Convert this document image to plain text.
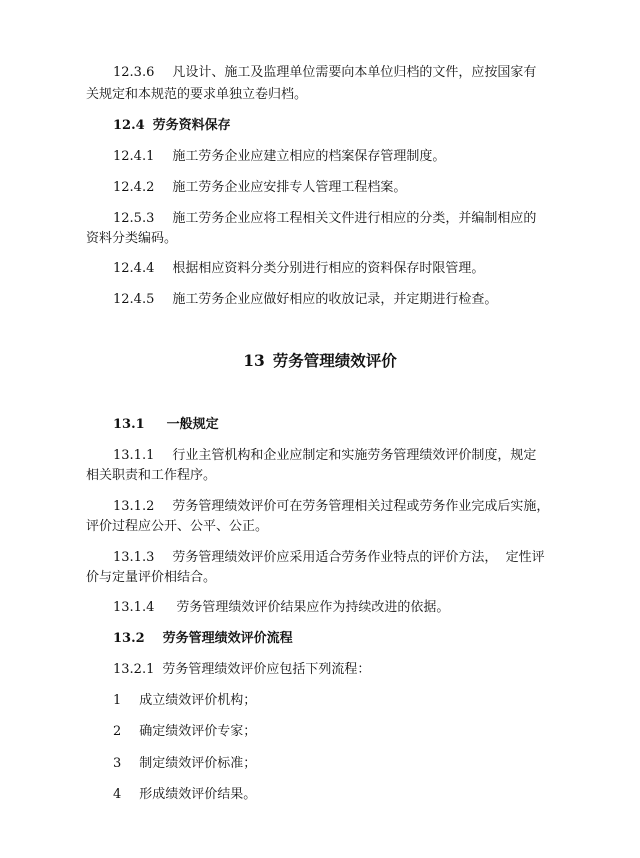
12.3.6 凡设计、施工及监理单位需要向本单位归档的文件，应按国家有
关规定和本规范的要求单独立卷归档。
12.4 劳务资料保存
12.4.1 施工劳务企业应建立相应的档案保存管理制度。
12.4.2 施工劳务企业应安排专人管理工程档案。
12.5.3 施工劳务企业应将工程相关文件进行相应的分类，并编制相应的
资料分类编码。
12.4.4 根据相应资料分类分别进行相应的资料保存时限管理。
12.4.5 施工劳务企业应做好相应的收放记录，并定期进行检查。
13 劳务管理绩效评价
13.1 一般规定
13.1.1 行业主管机构和企业应制定和实施劳务管理绩效评价制度，规定
相关职责和工作程序。
13.1.2 劳务管理绩效评价可在劳务管理相关过程或劳务作业完成后实施，
评价过程应公开、公平、公正。
13.1.3 劳务管理绩效评价应采用适合劳务作业特点的评价方法，  定性评
价与定量评价相结合。
13.1.4 劳务管理绩效评价结果应作为持续改进的依据。
13.2 劳务管理绩效评价流程
13.2.1 劳务管理绩效评价应包括下列流程：
1 成立绩效评价机构；
2 确定绩效评价专家；
3 制定绩效评价标准；
4 形成绩效评价结果。
